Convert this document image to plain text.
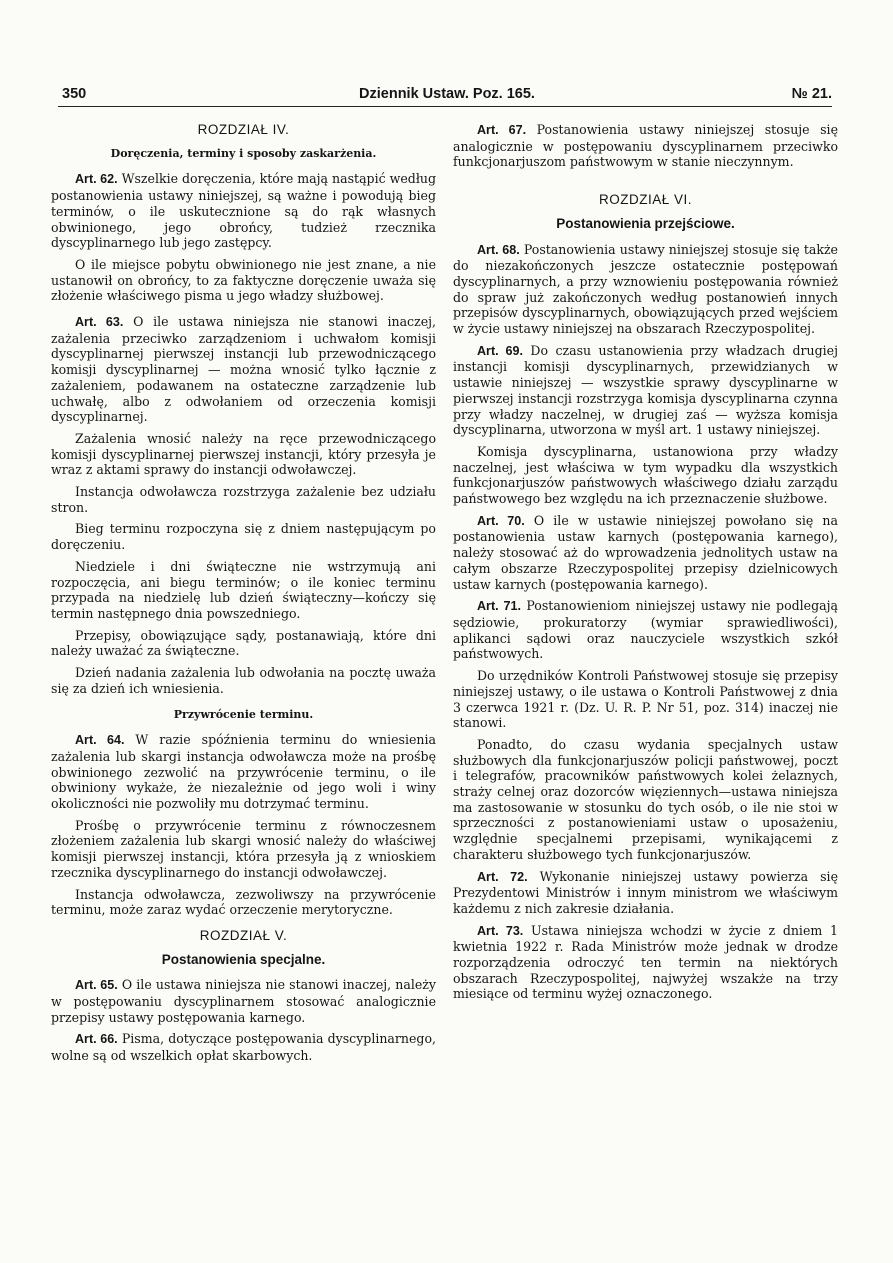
350	Dziennik Ustaw. Poz. 165.	№ 21.
ROZDZIAŁ IV.
Doręczenia, terminy i sposoby zaskarżenia.

Art. 62. Wszelkie doręczenia, które mają nastąpić według postanowienia ustawy niniejszej, są ważne i powodują bieg terminów, o ile uskutecznione są do rąk własnych obwinionego, jego obrońcy, tudzież rzecznika dyscyplinarnego lub jego zastępcy.

O ile miejsce pobytu obwinionego nie jest znane, a nie ustanowił on obrońcy, to za faktyczne doręczenie uważa się złożenie właściwego pisma u jego władzy służbowej.

Art. 63. O ile ustawa niniejsza nie stanowi inaczej, zażalenia przeciwko zarządzeniom i uchwałom komisji dyscyplinarnej pierwszej instancji lub przewodniczącego komisji dyscyplinarnej — można wnosić tylko łącznie z zażaleniem, podawanem na ostateczne zarządzenie lub uchwałę, albo z odwołaniem od orzeczenia komisji dyscyplinarnej.

Zażalenia wnosić należy na ręce przewodniczącego komisji dyscyplinarnej pierwszej instancji, który przesyła je wraz z aktami sprawy do instancji odwoławczej.

Instancja odwoławcza rozstrzyga zażalenie bez udziału stron.

Bieg terminu rozpoczyna się z dniem następującym po doręczeniu.

Niedziele i dni świąteczne nie wstrzymują ani rozpoczęcia, ani biegu terminów; o ile koniec terminu przypada na niedzielę lub dzień świąteczny—kończy się termin następnego dnia powszedniego.

Przepisy, obowiązujące sądy, postanawiają, które dni należy uważać za świąteczne.

Dzień nadania zażalenia lub odwołania na pocztę uważa się za dzień ich wniesienia.

Przywrócenie terminu.

Art. 64. W razie spóźnienia terminu do wniesienia zażalenia lub skargi instancja odwoławcza może na prośbę obwinionego zezwolić na przywrócenie terminu, o ile obwiniony wykaże, że niezależnie od jego woli i winy okoliczności nie pozwoliły mu dotrzymać terminu.

Prośbę o przywrócenie terminu z równoczesnem złożeniem zażalenia lub skargi wnosić należy do właściwej komisji pierwszej instancji, która przesyła ją z wnioskiem rzecznika dyscyplinarnego do instancji odwoławczej.

Instancja odwoławcza, zezwoliwszy na przywrócenie terminu, może zaraz wydać orzeczenie merytoryczne.

ROZDZIAŁ V.
Postanowienia specjalne.

Art. 65. O ile ustawa niniejsza nie stanowi inaczej, należy w postępowaniu dyscyplinarnem stosować analogicznie przepisy ustawy postępowania karnego.

Art. 66. Pisma, dotyczące postępowania dyscyplinarnego, wolne są od wszelkich opłat skarbowych.

Art. 67. Postanowienia ustawy niniejszej stosuje się analogicznie w postępowaniu dyscyplinarnem przeciwko funkcjonarjuszom państwowym w stanie nieczynnym.

ROZDZIAŁ VI.
Postanowienia przejściowe.

Art. 68. Postanowienia ustawy niniejszej stosuje się także do niezakończonych jeszcze ostatecznie postępowań dyscyplinarnych, a przy wznowieniu postępowania również do spraw już zakończonych według postanowień innych przepisów dyscyplinarnych, obowiązujących przed wejściem w życie ustawy niniejszej na obszarach Rzeczypospolitej.

Art. 69. Do czasu ustanowienia przy władzach drugiej instancji komisji dyscyplinarnych, przewidzianych w ustawie niniejszej — wszystkie sprawy dyscyplinarne w pierwszej instancji rozstrzyga komisja dyscyplinarna czynna przy władzy naczelnej, w drugiej zaś — wyższa komisja dyscyplinarna, utworzona w myśl art. 1 ustawy niniejszej.

Komisja dyscyplinarna, ustanowiona przy władzy naczelnej, jest właściwa w tym wypadku dla wszystkich funkcjonarjuszów państwowych właściwego działu zarządu państwowego bez względu na ich przeznaczenie służbowe.

Art. 70. O ile w ustawie niniejszej powołano się na postanowienia ustaw karnych (postępowania karnego), należy stosować aż do wprowadzenia jednolitych ustaw na całym obszarze Rzeczypospolitej przepisy dzielnicowych ustaw karnych (postępowania karnego).

Art. 71. Postanowieniom niniejszej ustawy nie podlegają sędziowie, prokuratorzy (wymiar sprawiedliwości), aplikanci sądowi oraz nauczyciele wszystkich szkół państwowych.

Do urzędników Kontroli Państwowej stosuje się przepisy niniejszej ustawy, o ile ustawa o Kontroli Państwowej z dnia 3 czerwca 1921 r. (Dz. U. R. P. Nr 51, poz. 314) inaczej nie stanowi.

Ponadto, do czasu wydania specjalnych ustaw służbowych dla funkcjonarjuszów policji państwowej, poczt i telegrafów, pracowników państwowych kolei żelaznych, straży celnej oraz dozorców więziennych—ustawa niniejsza ma zastosowanie w stosunku do tych osób, o ile nie stoi w sprzeczności z postanowieniami ustaw o uposażeniu, względnie specjalnemi przepisami, wynikającemi z charakteru służbowego tych funkcjonarjuszów.

Art. 72. Wykonanie niniejszej ustawy powierza się Prezydentowi Ministrów i innym ministrom we właściwym każdemu z nich zakresie działania.

Art. 73. Ustawa niniejsza wchodzi w życie z dniem 1 kwietnia 1922 r. Rada Ministrów może jednak w drodze rozporządzenia odroczyć ten termin na niektórych obszarach Rzeczypospolitej, najwyżej wszakże na trzy miesiące od terminu wyżej oznaczonego.
